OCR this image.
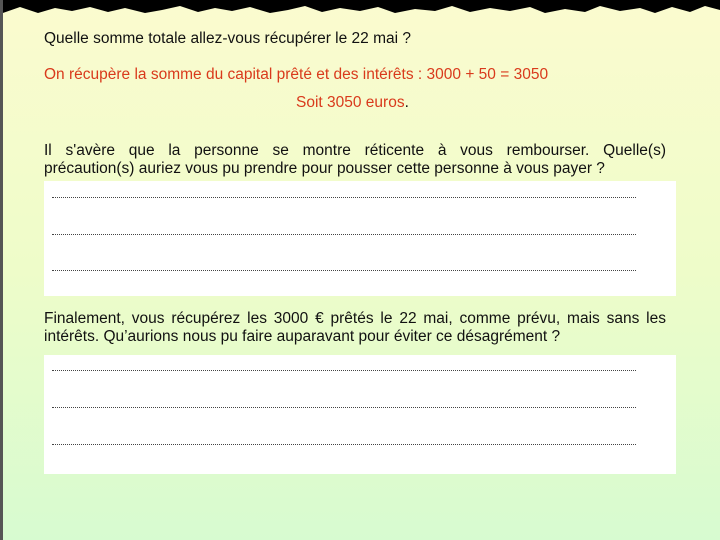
Quelle somme totale allez-vous récupérer le 22 mai ?
On récupère la somme du capital prêté et des intérêts : 3000 + 50 = 3050
Soit 3050 euros.
Il s'avère que la personne se montre réticente à vous rembourser. Quelle(s)
précaution(s) auriez vous pu prendre pour pousser cette personne à vous payer ?
Finalement, vous récupérez les 3000 € prêtés le 22 mai, comme prévu, mais sans les
intérêts. Qu’aurions nous pu faire auparavant pour éviter ce désagrément ?
